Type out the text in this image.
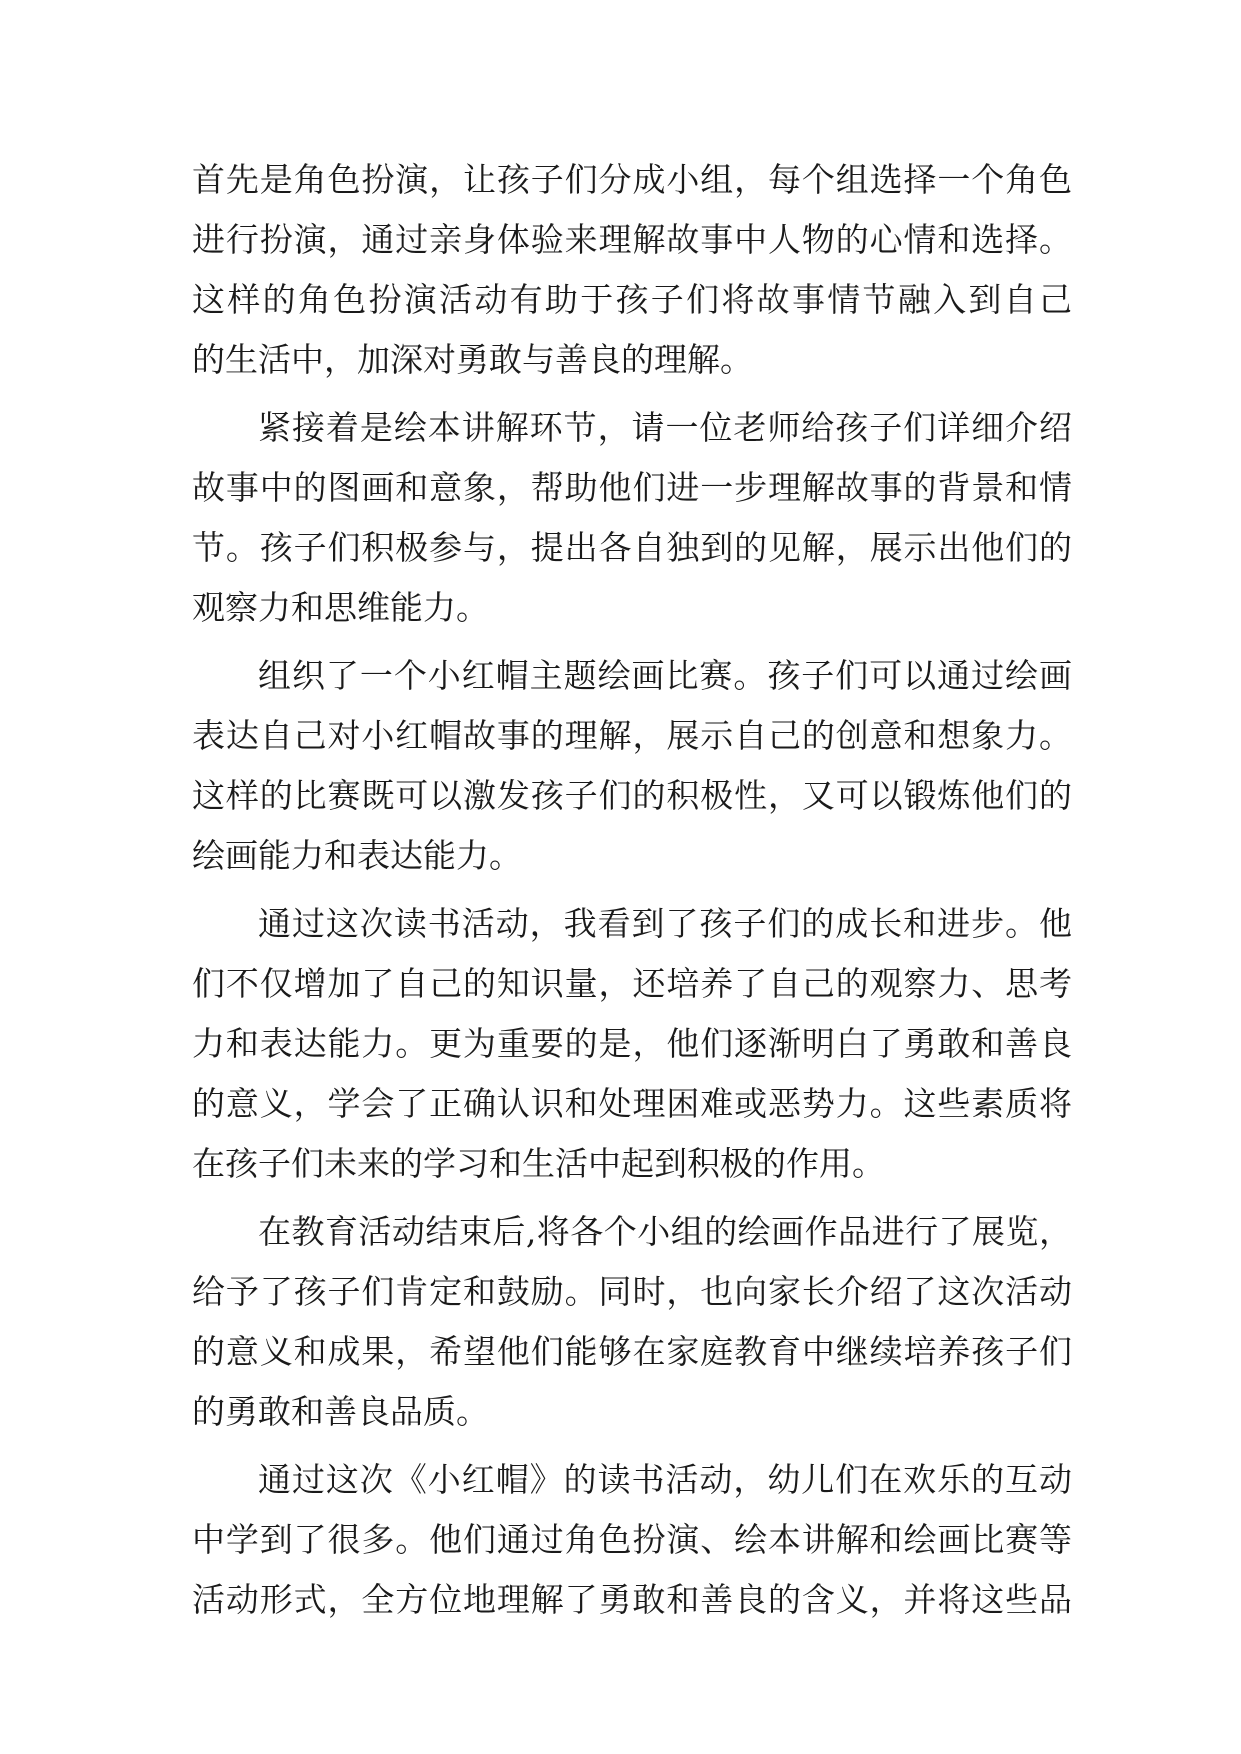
首先是角色扮演，让孩子们分成小组，每个组选择一个角色
进行扮演，通过亲身体验来理解故事中人物的心情和选择。
这样的角色扮演活动有助于孩子们将故事情节融入到自己
的生活中，加深对勇敢与善良的理解。
紧接着是绘本讲解环节，请一位老师给孩子们详细介绍
故事中的图画和意象，帮助他们进一步理解故事的背景和情
节。孩子们积极参与，提出各自独到的见解，展示出他们的
观察力和思维能力。
组织了一个小红帽主题绘画比赛。孩子们可以通过绘画
表达自己对小红帽故事的理解，展示自己的创意和想象力。
这样的比赛既可以激发孩子们的积极性，又可以锻炼他们的
绘画能力和表达能力。
通过这次读书活动，我看到了孩子们的成长和进步。他
们不仅增加了自己的知识量，还培养了自己的观察力、思考
力和表达能力。更为重要的是，他们逐渐明白了勇敢和善良
的意义，学会了正确认识和处理困难或恶势力。这些素质将
在孩子们未来的学习和生活中起到积极的作用。
在教育活动结束后,将各个小组的绘画作品进行了展览，
给予了孩子们肯定和鼓励。同时，也向家长介绍了这次活动
的意义和成果，希望他们能够在家庭教育中继续培养孩子们
的勇敢和善良品质。
通过这次《小红帽》的读书活动，幼儿们在欢乐的互动
中学到了很多。他们通过角色扮演、绘本讲解和绘画比赛等
活动形式，全方位地理解了勇敢和善良的含义，并将这些品
